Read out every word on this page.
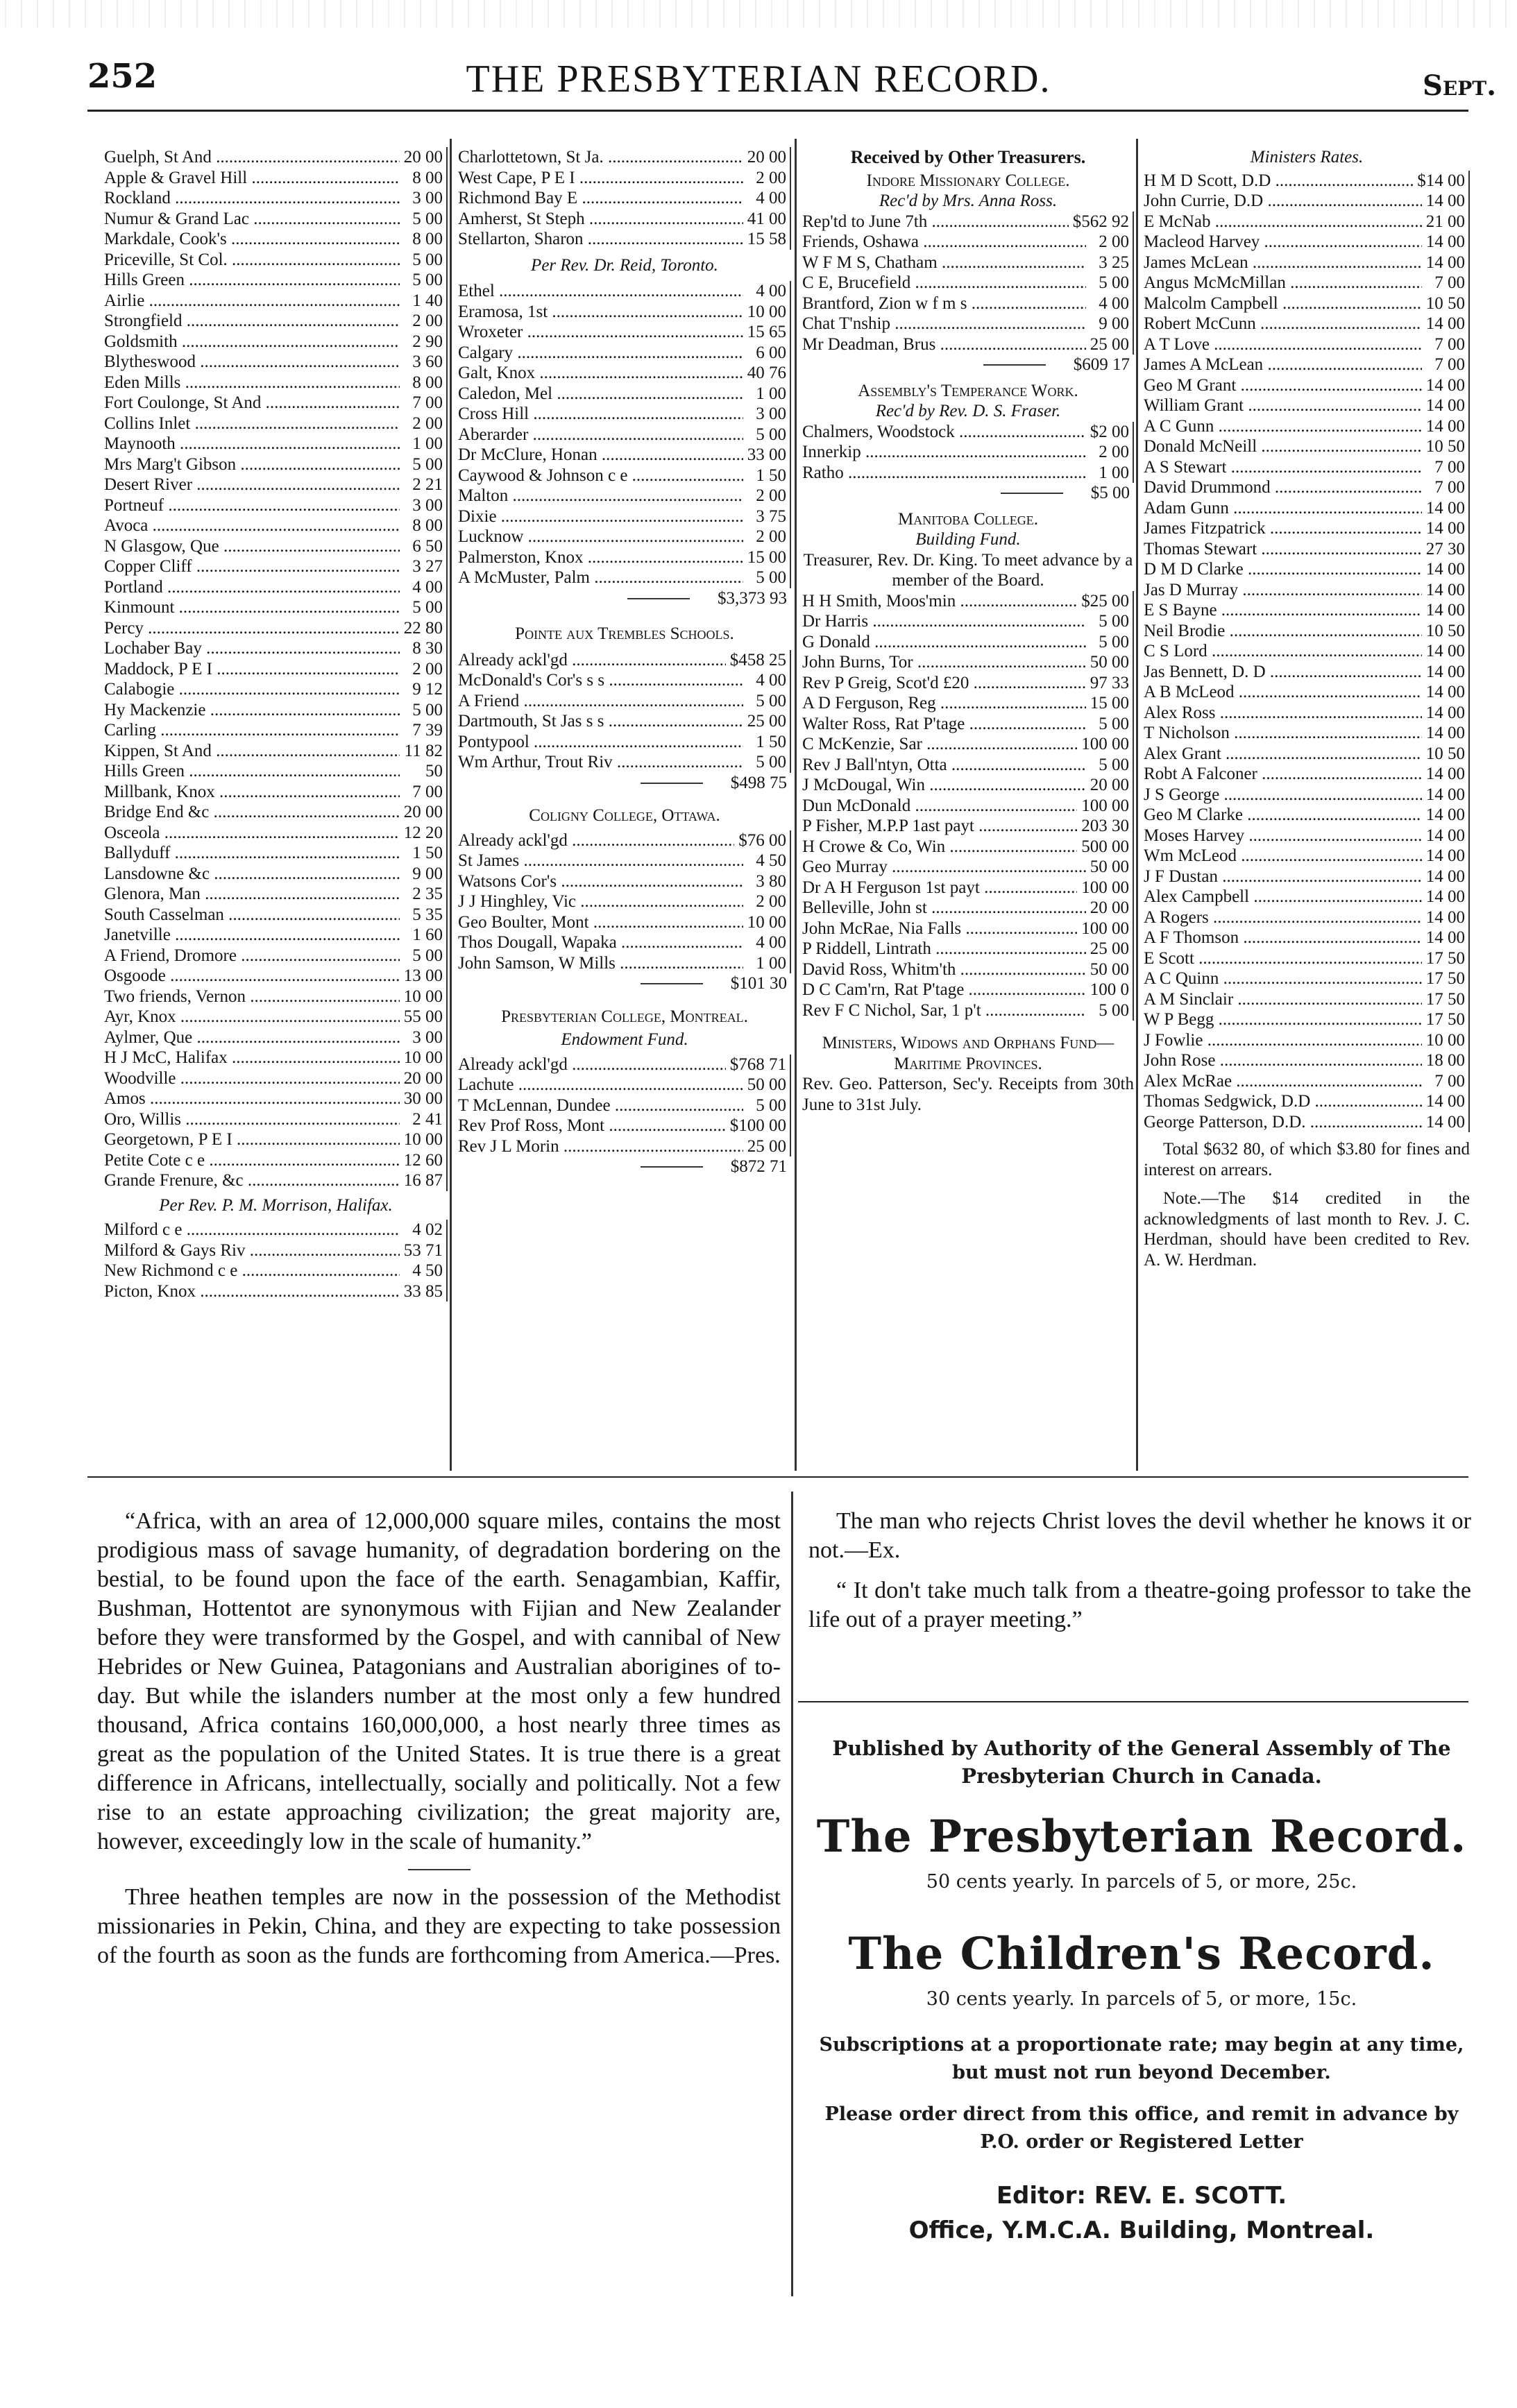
252	THE PRESBYTERIAN RECORD.	Sept.
Guelph, St And .....	20 00
Apple & Gravel Hill .....	8 00
Rockland .....	3 00
Numur & Grand Lac .....	5 00
Markdale, Cook's .....	8 00
Priceville, St Col. .....	5 00
Hills Green .....	5 00
Airlie .....	1 40
Strongfield .....	2 00
Goldsmith .....	2 90
Blytheswood .....	3 60
Eden Mills .....	8 00
Fort Coulonge, St And .....	7 00
Collins Inlet .....	2 00
Maynooth .....	1 00
Mrs Marg't Gibson .....	5 00
Desert River .....	2 21
Portneuf .....	3 00
Avoca .....	8 00
N Glasgow, Que .....	6 50
Copper Cliff .....	3 27
Portland .....	4 00
Kinmount .....	5 00
Percy .....	22 80
Lochaber Bay .....	8 30
Maddock, P E I .....	2 00
Calabogie .....	9 12
Hy Mackenzie .....	5 00
Carling .....	7 39
Kippen, St And .....	11 82
Hills Green .....	50
Millbank, Knox .....	7 00
Bridge End &c .....	20 00
Osceola .....	12 20
Ballyduff .....	1 50
Lansdowne &c .....	9 00
Glenora, Man .....	2 35
South Casselman .....	5 35
Janetville .....	1 60
A Friend, Dromore .....	5 00
Osgoode .....	13 00
Two friends, Vernon .....	10 00
Ayr, Knox .....	55 00
Aylmer, Que .....	3 00
H J McC, Halifax .....	10 00
Woodville .....	20 00
Amos .....	30 00
Oro, Willis .....	2 41
Georgetown, P E I .....	10 00
Petite Cote c e .....	12 60
Grande Frenure, &c .....	16 87
Per Rev. P. M. Morrison, Halifax.
Milford c e .....	4 02
Milford & Gays Riv .....	53 71
New Richmond c e .....	4 50
Picton, Knox .....	33 85
Charlottetown, St Ja. .....	20 00
West Cape, P E I .....	2 00
Richmond Bay E .....	4 00
Amherst, St Steph .....	41 00
Stellarton, Sharon .....	15 58
Per Rev. Dr. Reid, Toronto.
Ethel .....	4 00
Eramosa, 1st .....	10 00
Wroxeter .....	15 65
Calgary .....	6 00
Galt, Knox .....	40 76
Caledon, Mel .....	1 00
Cross Hill .....	3 00
Aberarder .....	5 00
Dr McClure, Honan .....	33 00
Caywood & Johnson c e .....	1 50
Malton .....	2 00
Dixie .....	3 75
Lucknow .....	2 00
Palmerston, Knox .....	15 00
A McMuster, Palm .....	5 00
$3,373 93
Pointe aux Trembles Schools.
Already ackl'gd .....	$458 25
McDonald's Cor's s s .....	4 00
A Friend .....	5 00
Dartmouth, St Jas s s .....	25 00
Pontypool .....	1 50
Wm Arthur, Trout Riv .....	5 00
$498 75
Coligny College, Ottawa.
Already ackl'gd .....	$76 00
St James .....	4 50
Watsons Cor's .....	3 80
J J Hinghley, Vic .....	2 00
Geo Boulter, Mont .....	10 00
Thos Dougall, Wapaka .....	4 00
John Samson, W Mills .....	1 00
$101 30
Presbyterian College, Montreal.
Endowment Fund.
Already ackl'gd .....	$768 71
Lachute .....	50 00
T McLennan, Dundee .....	5 00
Rev Prof Ross, Mont .....	$100 00
Rev J L Morin .....	25 00
$872 71
Received by Other Treasurers.
Indore Missionary College.
Rec'd by Mrs. Anna Ross.
Rep'td to June 7th .....	$562 92
Friends, Oshawa .....	2 00
W F M S, Chatham .....	3 25
C E, Brucefield .....	5 00
Brantford, Zion w f m s .....	4 00
Chat T'nship .....	9 00
Mr Deadman, Brus .....	25 00
$609 17
Assembly's Temperance Work.
Rec'd by Rev. D. S. Fraser.
Chalmers, Woodstock .....	$2 00
Innerkip .....	2 00
Ratho .....	1 00
$5 00
Manitoba College.
Building Fund.
Treasurer, Rev. Dr. King. To meet advance by a member of the Board.
H H Smith, Moos'min .....	$25 00
Dr Harris .....	5 00
G Donald .....	5 00
John Burns, Tor .....	50 00
Rev P Greig, Scot'd £20 .....	97 33
A D Ferguson, Reg .....	15 00
Walter Ross, Rat P'tage .....	5 00
C McKenzie, Sar .....	100 00
Rev J Ball'ntyn, Otta .....	5 00
J McDougal, Win .....	20 00
Dun McDonald .....	100 00
P Fisher, M.P.P 1ast payt .....	203 30
H Crowe & Co, Win .....	500 00
Geo Murray .....	50 00
Dr A H Ferguson 1st payt .....	100 00
Belleville, John st .....	20 00
John McRae, Nia Falls .....	100 00
P Riddell, Lintrath .....	25 00
David Ross, Whitm'th .....	50 00
D C Cam'rn, Rat P'tage .....	100 0
Rev F C Nichol, Sar, 1 p't .....	5 00
Ministers, Widows and Orphans Fund—Maritime Provinces.
Rev. Geo. Patterson, Sec'y. Receipts from 30th June to 31st July.
Ministers Rates.
H M D Scott, D.D .....	$14 00
John Currie, D.D .....	14 00
E McNab .....	21 00
Macleod Harvey .....	14 00
James McLean .....	14 00
Angus McMcMillan .....	7 00
Malcolm Campbell .....	10 50
Robert McCunn .....	14 00
A T Love .....	7 00
James A McLean .....	7 00
Geo M Grant .....	14 00
William Grant .....	14 00
A C Gunn .....	14 00
Donald McNeill .....	10 50
A S Stewart .....	7 00
David Drummond .....	7 00
Adam Gunn .....	14 00
James Fitzpatrick .....	14 00
Thomas Stewart .....	27 30
D M D Clarke .....	14 00
Jas D Murray .....	14 00
E S Bayne .....	14 00
Neil Brodie .....	10 50
C S Lord .....	14 00
Jas Bennett, D. D .....	14 00
A B McLeod .....	14 00
Alex Ross .....	14 00
T Nicholson .....	14 00
Alex Grant .....	10 50
Robt A Falconer .....	14 00
J S George .....	14 00
Geo M Clarke .....	14 00
Moses Harvey .....	14 00
Wm McLeod .....	14 00
J F Dustan .....	14 00
Alex Campbell .....	14 00
A Rogers .....	14 00
A F Thomson .....	14 00
E Scott .....	17 50
A C Quinn .....	17 50
A M Sinclair .....	17 50
W P Begg .....	17 50
J Fowlie .....	10 00
John Rose .....	18 00
Alex McRae .....	7 00
Thomas Sedgwick, D.D .....	14 00
George Patterson, D.D. .....	14 00
Total $632 80, of which $3.80 for fines and interest on arrears.
Note.—The $14 credited in the acknowledgments of last month to Rev. J. C. Herdman, should have been credited to Rev. A. W. Herdman.

“Africa, with an area of 12,000,000 square miles, contains the most prodigious mass of savage humanity, of degradation bordering on the bestial, to be found upon the face of the earth. Senagambian, Kaffir, Bushman, Hottentot are synonymous with Fijian and New Zealander before they were transformed by the Gospel, and with cannibal of New Hebrides or New Guinea, Patagonians and Australian aborigines of to-day. But while the islanders number at the most only a few hundred thousand, Africa contains 160,000,000, a host nearly three times as great as the population of the United States. It is true there is a great difference in Africans, intellectually, socially and politically. Not a few rise to an estate approaching civilization; the great majority are, however, exceedingly low in the scale of humanity.”

Three heathen temples are now in the possession of the Methodist missionaries in Pekin, China, and they are expecting to take possession of the fourth as soon as the funds are forthcoming from America.—Pres.

The man who rejects Christ loves the devil whether he knows it or not.—Ex.

“ It don't take much talk from a theatre-going professor to take the life out of a prayer meeting.”

Published by Authority of the General Assembly of The Presbyterian Church in Canada.
The Presbyterian Record.
50 cents yearly. In parcels of 5, or more, 25c.
The Children's Record.
30 cents yearly. In parcels of 5, or more, 15c.
Subscriptions at a proportionate rate; may begin at any time, but must not run beyond December.
Please order direct from this office, and remit in advance by P.O. order or Registered Letter
Editor: REV. E. SCOTT.
Office, Y.M.C.A. Building, Montreal.
